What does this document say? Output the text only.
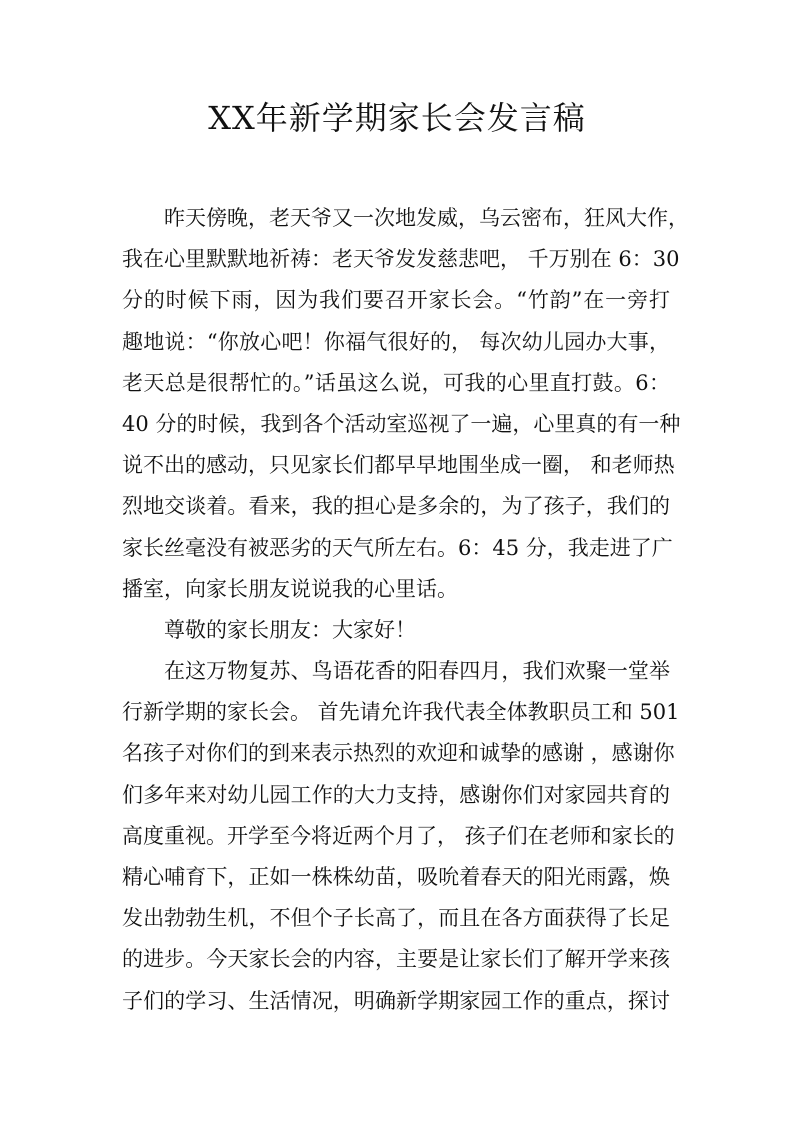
XX年新学期家长会发言稿
昨天傍晚，老天爷又一次地发威，乌云密布，狂风大作，
我在心里默默地祈祷：老天爷发发慈悲吧， 千万别在 6：30
分的时候下雨，因为我们要召开家长会。“竹韵”在一旁打
趣地说：“你放心吧！你福气很好的， 每次幼儿园办大事，
老天总是很帮忙的。”话虽这么说，可我的心里直打鼓。6：
40 分的时候，我到各个活动室巡视了一遍，心里真的有一种
说不出的感动，只见家长们都早早地围坐成一圈， 和老师热
烈地交谈着。看来，我的担心是多余的，为了孩子，我们的
家长丝毫没有被恶劣的天气所左右。6：45 分，我走进了广
播室，向家长朋友说说我的心里话。
尊敬的家长朋友：大家好！
在这万物复苏、鸟语花香的阳春四月，我们欢聚一堂举
行新学期的家长会。 首先请允许我代表全体教职员工和 501
名孩子对你们的到来表示热烈的欢迎和诚挚的感谢 ，感谢你
们多年来对幼儿园工作的大力支持，感谢你们对家园共育的
高度重视。开学至今将近两个月了， 孩子们在老师和家长的
精心哺育下，正如一株株幼苗，吸吮着春天的阳光雨露，焕
发出勃勃生机，不但个子长高了，而且在各方面获得了长足
的进步。今天家长会的内容，主要是让家长们了解开学来孩
子们的学习、生活情况，明确新学期家园工作的重点，探讨
